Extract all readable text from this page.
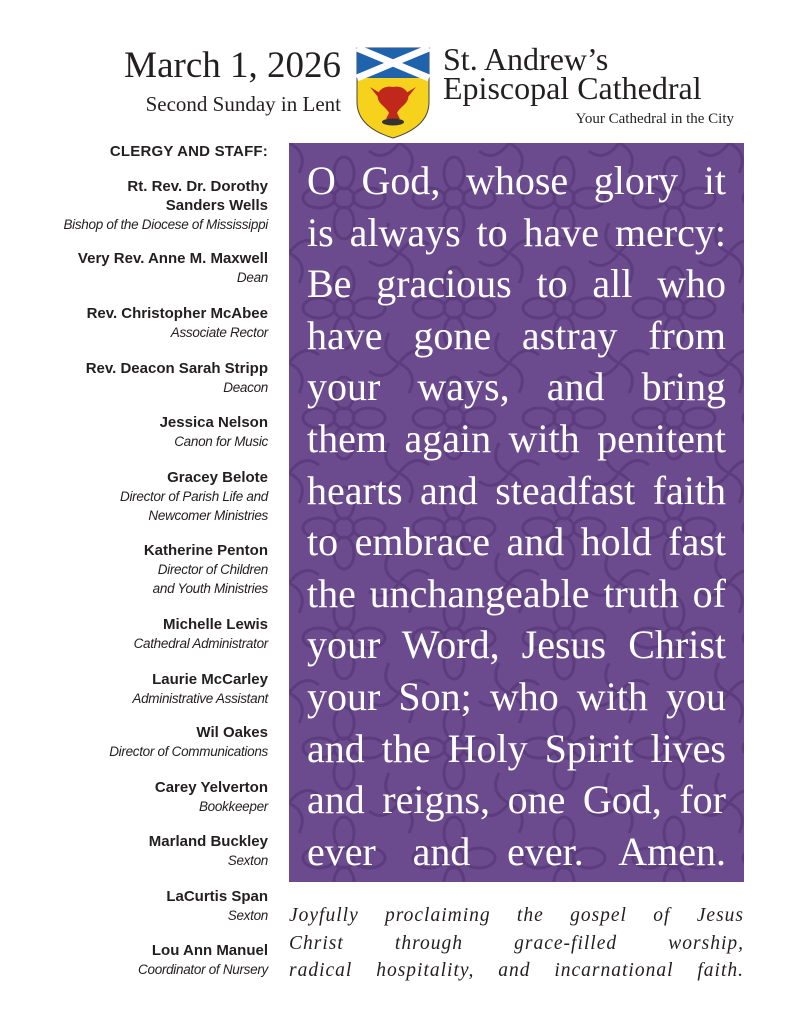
March 1, 2026
Second Sunday in Lent
St. Andrew’s
Episcopal Cathedral
Your Cathedral in the City
CLERGY AND STAFF:
Rt. Rev. Dr. Dorothy
Sanders Wells
Bishop of the Diocese of Mississippi
Very Rev. Anne M. Maxwell
Dean
Rev. Christopher McAbee
Associate Rector
Rev. Deacon Sarah Stripp
Deacon
Jessica Nelson
Canon for Music
Gracey Belote
Director of Parish Life and
Newcomer Ministries
Katherine Penton
Director of Children
and Youth Ministries
Michelle Lewis
Cathedral Administrator
Laurie McCarley
Administrative Assistant
Wil Oakes
Director of Communications
Carey Yelverton
Bookkeeper
Marland Buckley
Sexton
LaCurtis Span
Sexton
Lou Ann Manuel
Coordinator of Nursery
O God, whose glory it
is always to have mercy:
Be gracious to all who
have gone astray from
your ways, and bring
them again with penitent
hearts and steadfast faith
to embrace and hold fast
the unchangeable truth of
your Word, Jesus Christ
your Son; who with you
and the Holy Spirit lives
and reigns, one God, for
ever and ever. Amen.
Joyfully proclaiming the gospel of Jesus
Christ through grace-filled worship,
radical hospitality, and incarnational faith.
